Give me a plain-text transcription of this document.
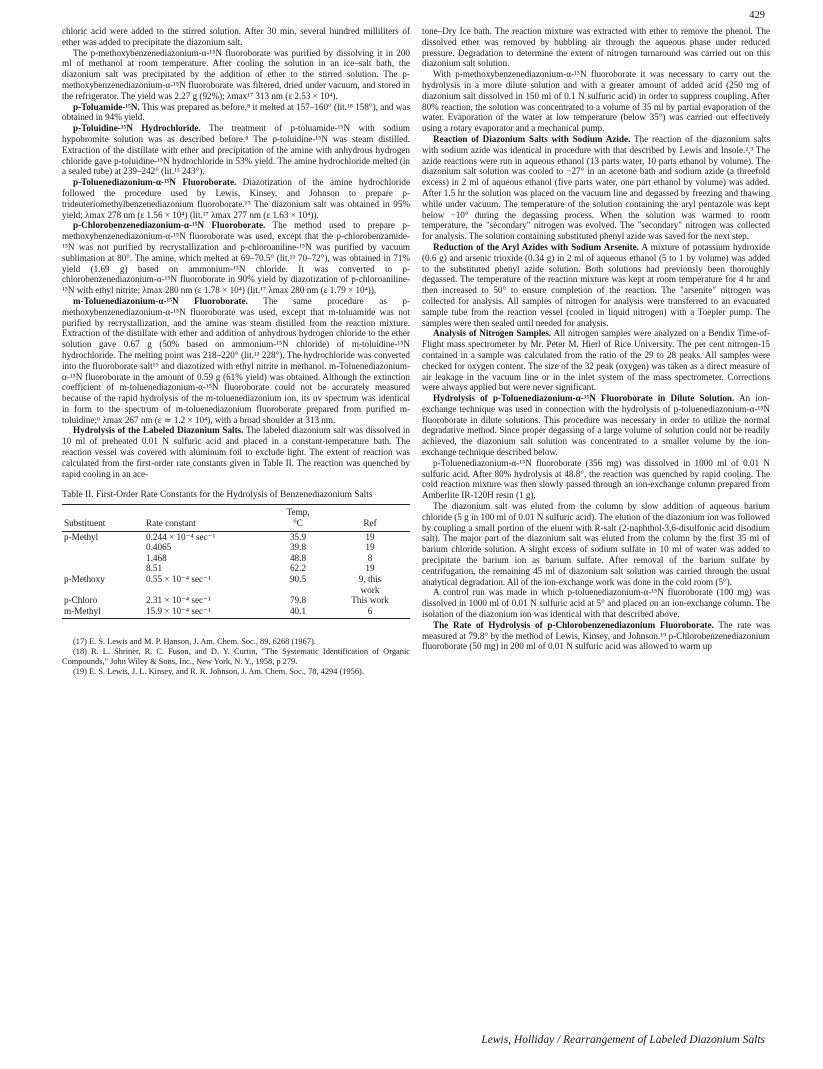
429

chloric acid were added to the stirred solution. After 30 min, several hundred milliliters of ether was added to precipitate the diazonium salt.

The p-methoxybenzenediazonium-α-¹⁵N fluoroborate was purified by dissolving it in 200 ml of methanol at room temperature. After cooling the solution in an ice–salt bath, the diazonium salt was precipitated by the addition of ether to the stirred solution. The p-methoxybenzenediazonium-α-¹⁵N fluoroborate was filtered, dried under vacuum, and stored in the refrigerator. The yield was 2.27 g (92%); λmax¹⁷ 313 nm (ε 2.53 × 10⁴).

p-Toluamide-¹⁵N. This was prepared as before,⁸ it melted at 157–160° (lit.¹⁸ 158°), and was obtained in 94% yield.

p-Toluidine-¹⁵N Hydrochloride. The treatment of p-toluamide-¹⁵N with sodium hypobromite solution was as described before.⁸ The p-toluidine-¹⁵N was steam distilled. Extraction of the distillate with ether and precipitation of the amine with anhydrous hydrogen chloride gave p-toluidine-¹⁵N hydrochloride in 53% yield. The amine hydrochloride melted (in a sealed tube) at 239–242° (lit.¹³ 243°).

p-Toluenediazonium-α-¹⁵N Fluoroborate. Diazotization of the amine hydrochloride followed the procedure used by Lewis, Kinsey, and Johnson to prepare p-trideuteriomethylbenzenediazonium fluoroborate.¹⁹ The diazonium salt was obtained in 95% yield; λmax 278 nm (ε 1.56 × 10⁴) (lit.¹⁷ λmax 277 nm (ε 1.63 × 10⁴)).

p-Chlorobenzenediazonium-α-¹⁵N Fluoroborate. The method used to prepare p-methoxybenzenediazonium-α-¹⁵N fluoroborate was used, except that the p-chlorobenzamide-¹⁵N was not purified by recrystallization and p-chloroaniline-¹⁵N was purified by vacuum sublimation at 80°. The amine, which melted at 69–70.5° (lit.¹³ 70–72°), was obtained in 71% yield (1.69 g) based on ammonium-¹⁵N chloride. It was converted to p-chlorobenzenediazonium-α-¹⁵N fluoroborate in 90% yield by diazotization of p-chloroaniline-¹⁵N with ethyl nitrite; λmax 280 nm (ε 1.78 × 10⁴) (lit.¹⁷ λmax 280 nm (ε 1.79 × 10⁴)).

m-Toluenediazonium-α-¹⁵N Fluoroborate. The same procedure as p-methoxybenzenediazonium-α-¹⁵N fluoroborate was used, except that m-toluamide was not purified by recrystallization, and the amine was steam distilled from the reaction mixture. Extraction of the distillate with ether and addition of anhydrous hydrogen chloride to the ether solution gave 0.67 g (50% based on ammonium-¹⁵N chloride) of m-toluidine-¹⁵N hydrochloride. The melting point was 218–220° (lit.¹³ 228°). The hydrochloride was converted into the fluoroborate salt¹⁹ and diazotized with ethyl nitrite in methanol. m-Toluenediazonium-α-¹⁵N fluoroborate in the amount of 0.59 g (61% yield) was obtained. Although the extinction coefficient of m-toluenediazonium-α-¹⁵N fluoroborate could not be accurately measured because of the rapid hydrolysis of the m-toluenediazonium ion, its uv spectrum was identical in form to the spectrum of m-toluenediazonium fluoroborate prepared from purified m-toluidine;⁶ λmax 267 nm (ε ≃ 1.2 × 10⁴), with a broad shoulder at 313 nm.

Hydrolysis of the Labeled Diazonium Salts. The labeled diazonium salt was dissolved in 10 ml of preheated 0.01 N sulfuric acid and placed in a constant-temperature bath. The reaction vessel was covered with aluminum foil to exclude light. The extent of reaction was calculated from the first-order rate constants given in Table II. The reaction was quenched by rapid cooling in an ace-

Table II. First-Order Rate Constants for the Hydrolysis of Benzenediazonium Salts
		Temp,	
Substituent	Rate constant	°C	Ref
p-Methyl	0.244 × 10⁻⁴ sec⁻¹	35.9	19
	0.4065	39.8	19
	1.468	48.8	8
	8.51	62.2	19
p-Methoxy	0.55 × 10⁻⁴ sec⁻¹	90.5	9, this
			work
p-Chloro	2.31 × 10⁻⁴ sec⁻¹	79.8	This work
m-Methyl	15.9 × 10⁻⁴ sec⁻¹	40.1	6

(17) E. S. Lewis and M. P. Hanson, J. Am. Chem. Soc., 89, 6268 (1967).

(18) R. L. Shriner, R. C. Fuson, and D. Y. Curtin, "The Systematic Identification of Organic Compounds," John Wiley & Sons, Inc., New York, N. Y., 1958, p 279.

(19) E. S. Lewis, J. L. Kinsey, and R. R. Johnson, J. Am. Chem. Soc., 78, 4294 (1956).

tone–Dry Ice bath. The reaction mixture was extracted with ether to remove the phenol. The dissolved ether was removed by bubbling air through the aqueous phase under reduced pressure. Degradation to determine the extent of nitrogen turnaround was carried out on this diazonium salt solution.

With p-methoxybenzenediazonium-α-¹⁵N fluoroborate it was necessary to carry out the hydrolysis in a more dilute solution and with a greater amount of added acid (250 mg of diazonium salt dissolved in 150 ml of 0.1 N sulfuric acid) in order to suppress coupling. After 80% reaction, the solution was concentrated to a volume of 35 ml by partial evaporation of the water. Evaporation of the water at low temperature (below 35°) was carried out effectively using a rotary evaporator and a mechanical pump.

Reaction of Diazonium Salts with Sodium Azide. The reaction of the diazonium salts with sodium azide was identical in procedure with that described by Lewis and Insole.²,³ The azide reactions were run in aqueous ethanol (13 parts water, 10 parts ethanol by volume). The diazonium salt solution was cooled to −27° in an acetone bath and sodium azide (a threefold excess) in 2 ml of aqueous ethanol (five parts water, one part ethanol by volume) was added. After 1.5 hr the solution was placed on the vacuum line and degassed by freezing and thawing while under vacuum. The temperature of the solution containing the aryl pentazole was kept below −10° during the degassing process. When the solution was warmed to room temperature, the "secondary" nitrogen was evolved. The "secondary" nitrogen was collected for analysis. The solution containing substituted phenyl azide was saved for the next step.

Reduction of the Aryl Azides with Sodium Arsenite. A mixture of potassium hydroxide (0.6 g) and arsenic trioxide (0.34 g) in 2 ml of aqueous ethanol (5 to 1 by volume) was added to the substituted phenyl azide solution. Both solutions had previously been thoroughly degassed. The temperature of the reaction mixture was kept at room temperature for 4 hr and then increased to 50° to ensure completion of the reaction. The "arsenite" nitrogen was collected for analysis. All samples of nitrogen for analysis were transferred to an evacuated sample tube from the reaction vessel (cooled in liquid nitrogen) with a Toepler pump. The samples were then sealed until needed for analysis.

Analysis of Nitrogen Samples. All nitrogen samples were analyzed on a Bendix Time-of-Flight mass spectrometer by Mr. Peter M. Hierl of Rice University. The per cent nitrogen-15 contained in a sample was calculated from the ratio of the 29 to 28 peaks. All samples were checked for oxygen content. The size of the 32 peak (oxygen) was taken as a direct measure of air leakage in the vacuum line or in the inlet system of the mass spectrometer. Corrections were always applied but were never significant.

Hydrolysis of p-Toluenediazonium-α-¹⁵N Fluoroborate in Dilute Solution. An ion-exchange technique was used in connection with the hydrolysis of p-toluenediazonium-α-¹⁵N fluoroborate in dilute solutions. This procedure was necessary in order to utilize the normal degradative method. Since proper degassing of a large volume of solution could not be readily achieved, the diazonium salt solution was concentrated to a smaller volume by the ion-exchange technique described below.

p-Toluenediazonium-α-¹⁵N fluoroborate (356 mg) was dissolved in 1000 ml of 0.01 N sulfuric acid. After 80% hydrolysis at 48.8°, the reaction was quenched by rapid cooling. The cold reaction mixture was then slowly passed through an ion-exchange column prepared from Amberlite IR-120H resin (1 g).

The diazonium salt was eluted from the column by slow addition of aqueous barium chloride (5 g in 100 ml of 0.01 N sulfuric acid). The elution of the diazonium ion was followed by coupling a small portion of the eluent with R-salt (2-naphthol-3,6-disulfonic acid disodium salt). The major part of the diazonium salt was eluted from the column by the first 35 ml of barium chloride solution. A slight excess of sodium sulfate in 10 ml of water was added to precipitate the barium ion as barium sulfate. After removal of the barium sulfate by centrifugation, the remaining 45 ml of diazonium salt solution was carried through the usual analytical degradation. All of the ion-exchange work was done in the cold room (5°).

A control run was made in which p-toluenediazonium-α-¹⁵N fluoroborate (100 mg) was dissolved in 1000 ml of 0.01 N sulfuric acid at 5° and placed on an ion-exchange column. The isolation of the diazonium ion was identical with that described above.

The Rate of Hydrolysis of p-Chlorobenzenediazonium Fluoroborate. The rate was measured at 79.8° by the method of Lewis, Kinsey, and Johnson.¹⁹ p-Chlorobenzenediazonium fluoroborate (50 mg) in 200 ml of 0.01 N sulfuric acid was allowed to warm up

Lewis, Holliday / Rearrangement of Labeled Diazonium Salts
